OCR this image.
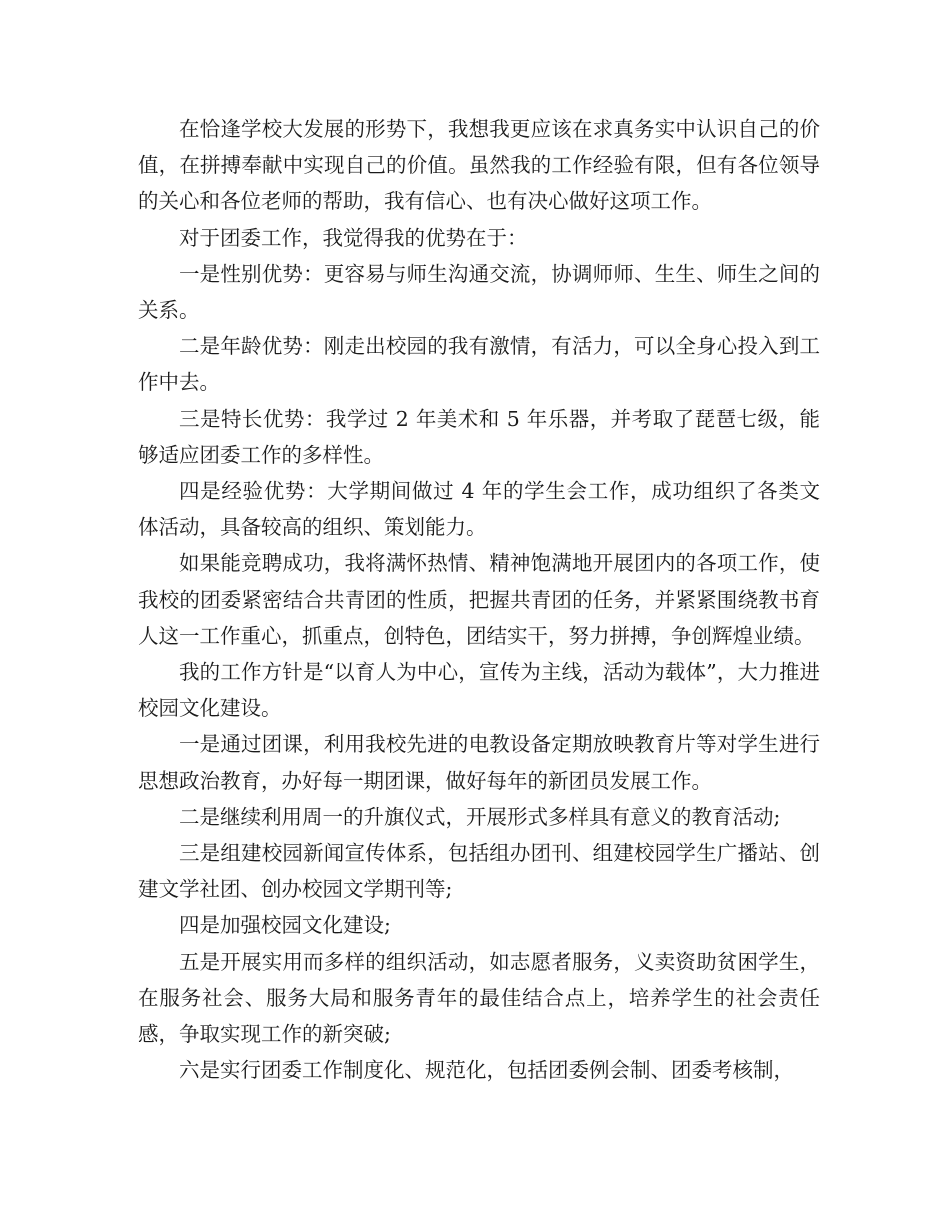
在恰逢学校大发展的形势下，我想我更应该在求真务实中认识自己的价值，在拼搏奉献中实现自己的价值。虽然我的工作经验有限，但有各位领导的关心和各位老师的帮助，我有信心、也有决心做好这项工作。

对于团委工作，我觉得我的优势在于：

一是性别优势：更容易与师生沟通交流，协调师师、生生、师生之间的关系。

二是年龄优势：刚走出校园的我有激情，有活力，可以全身心投入到工作中去。

三是特长优势：我学过 2 年美术和 5 年乐器，并考取了琵琶七级，能够适应团委工作的多样性。

四是经验优势：大学期间做过 4 年的学生会工作，成功组织了各类文体活动，具备较高的组织、策划能力。

如果能竞聘成功，我将满怀热情、精神饱满地开展团内的各项工作，使我校的团委紧密结合共青团的性质，把握共青团的任务，并紧紧围绕教书育人这一工作重心，抓重点，创特色，团结实干，努力拼搏，争创辉煌业绩。

我的工作方针是“以育人为中心，宣传为主线，活动为载体”，大力推进校园文化建设。

一是通过团课，利用我校先进的电教设备定期放映教育片等对学生进行思想政治教育，办好每一期团课，做好每年的新团员发展工作。

二是继续利用周一的升旗仪式，开展形式多样具有意义的教育活动;

三是组建校园新闻宣传体系，包括组办团刊、组建校园学生广播站、创建文学社团、创办校园文学期刊等;

四是加强校园文化建设;

五是开展实用而多样的组织活动，如志愿者服务，义卖资助贫困学生，在服务社会、服务大局和服务青年的最佳结合点上，培养学生的社会责任感，争取实现工作的新突破;

六是实行团委工作制度化、规范化，包括团委例会制、团委考核制，
